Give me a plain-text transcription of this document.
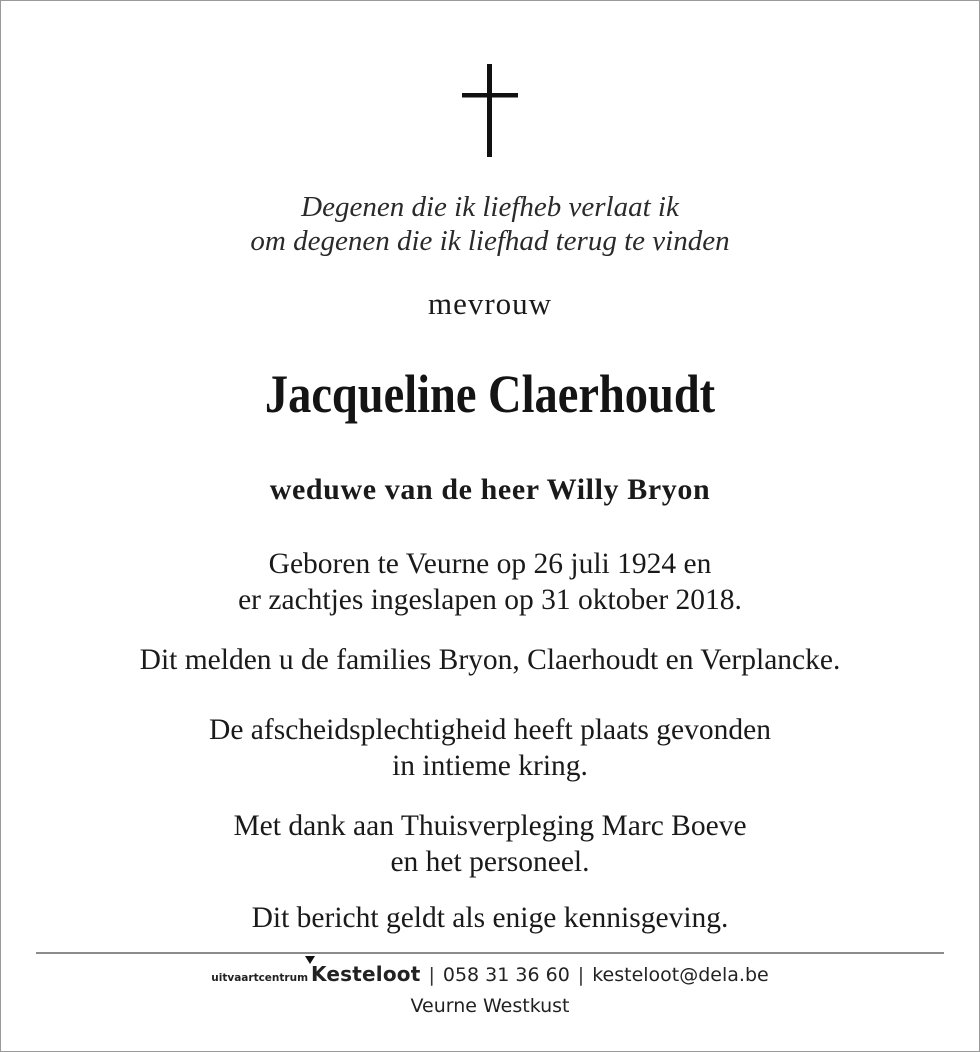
Degenen die ik liefheb verlaat ik
om degenen die ik liefhad terug te vinden
mevrouw
Jacqueline Claerhoudt
weduwe van de heer Willy Bryon
Geboren te Veurne op 26 juli 1924 en
er zachtjes ingeslapen op 31 oktober 2018.
Dit melden u de families Bryon, Claerhoudt en Verplancke.
De afscheidsplechtigheid heeft plaats gevonden
in intieme kring.
Met dank aan Thuisverpleging Marc Boeve
en het personeel.
Dit bericht geldt als enige kennisgeving.
uitvaartcentrum Kesteloot | 058 31 36 60 | kesteloot@dela.be
Veurne Westkust
